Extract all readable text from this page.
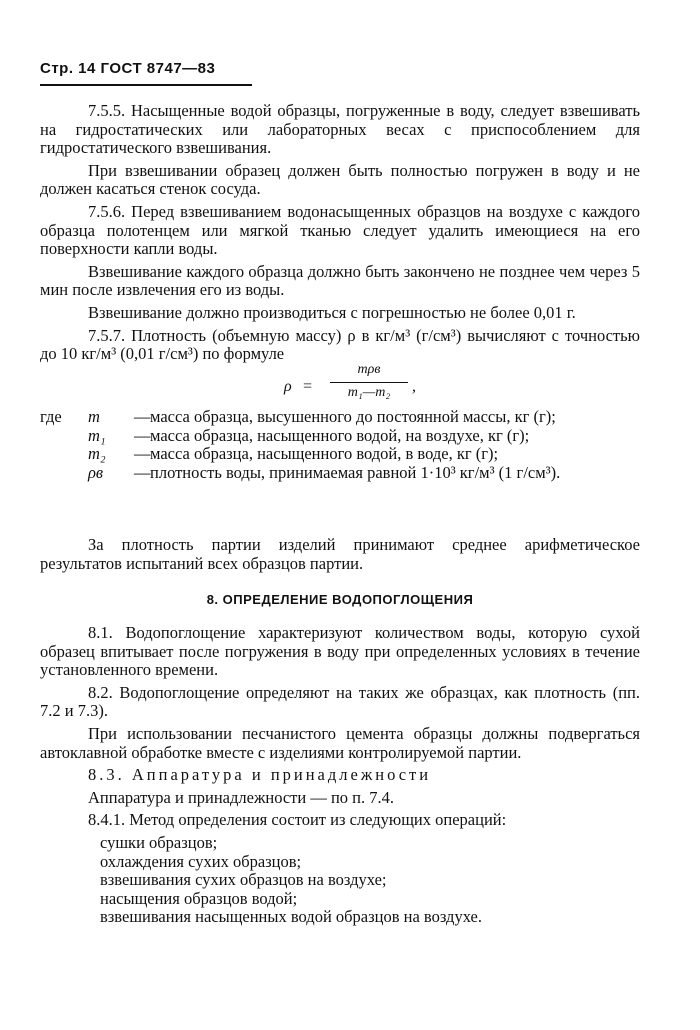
Стр. 14 ГОСТ 8747—83

7.5.5. Насыщенные водой образцы, погруженные в воду, следует взвешивать на гидростатических или лабораторных весах с приспособлением для гидростатического взвешивания.

При взвешивании образец должен быть полностью погружен в воду и не должен касаться стенок сосуда.

7.5.6. Перед взвешиванием водонасыщенных образцов на воздухе с каждого образца полотенцем или мягкой тканью следует удалить имеющиеся на его поверхности капли воды.

Взвешивание каждого образца должно быть закончено не позднее чем через 5 мин после извлечения его из воды.

Взвешивание должно производиться с погрешностью не более 0,01 г.

7.5.7. Плотность (объемную массу) ρ в кг/м³ (г/см³) вычисляют с точностью до 10 кг/м³ (0,01 г/см³) по формуле

ρ =
mρв
m₁—m₂	,
где	m	— масса образца, высушенного до постоянной массы, кг (г);
m₁	— масса образца, насыщенного водой, на воздухе, кг (г);
m₂	— масса образца, насыщенного водой, в воде, кг (г);
ρв	— плотность воды, принимаемая равной 1·10³ кг/м³ (1 г/см³).

За плотность партии изделий принимают среднее арифметическое результатов испытаний всех образцов партии.

8. ОПРЕДЕЛЕНИЕ ВОДОПОГЛОЩЕНИЯ

8.1. Водопоглощение характеризуют количеством воды, которую сухой образец впитывает после погружения в воду при определенных условиях в течение установленного времени.

8.2. Водопоглощение определяют на таких же образцах, как плотность (пп. 7.2 и 7.3).

При использовании песчанистого цемента образцы должны подвергаться автоклавной обработке вместе с изделиями контролируемой партии.

8.3. Аппаратура и принадлежности

Аппаратура и принадлежности — по п. 7.4.

8.4.1. Метод определения состоит из следующих операций:

сушки образцов;

охлаждения сухих образцов;

взвешивания сухих образцов на воздухе;

насыщения образцов водой;

взвешивания насыщенных водой образцов на воздухе.
